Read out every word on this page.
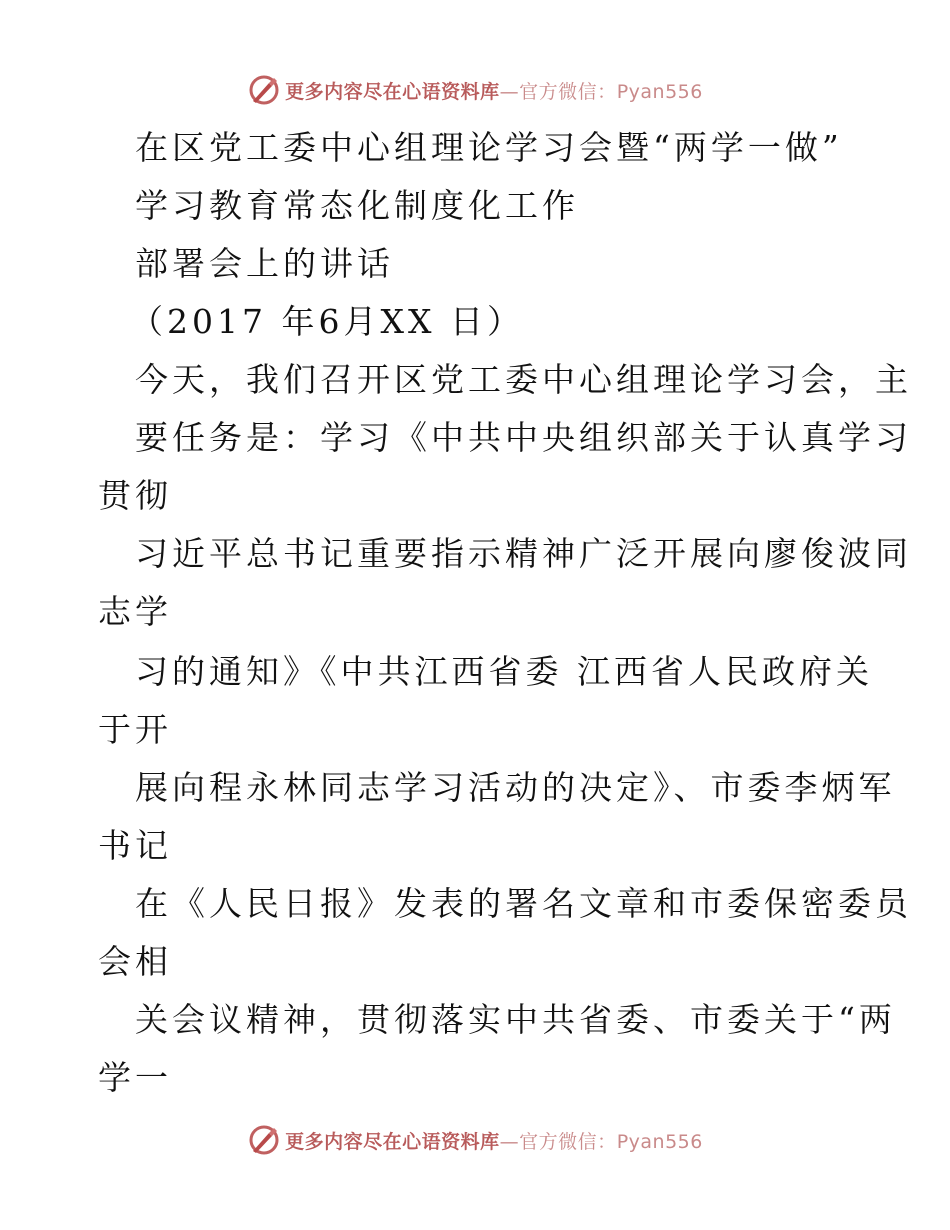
更多内容尽在心语资料库—官方微信：Pyan556
在区党工委中心组理论学习会暨“两学一做”
学习教育常态化制度化工作
部署会上的讲话
（2017 年6月XX 日）
今天，我们召开区党工委中心组理论学习会，主
要任务是：学习《中共中央组织部关于认真学习
贯彻
习近平总书记重要指示精神广泛开展向廖俊波同
志学
习的通知》《中共江西省委 江西省人民政府关
于开
展向程永林同志学习活动的决定》、市委李炳军
书记
在《人民日报》发表的署名文章和市委保密委员
会相
关会议精神，贯彻落实中共省委、市委关于“两
学一
更多内容尽在心语资料库—官方微信：Pyan556
